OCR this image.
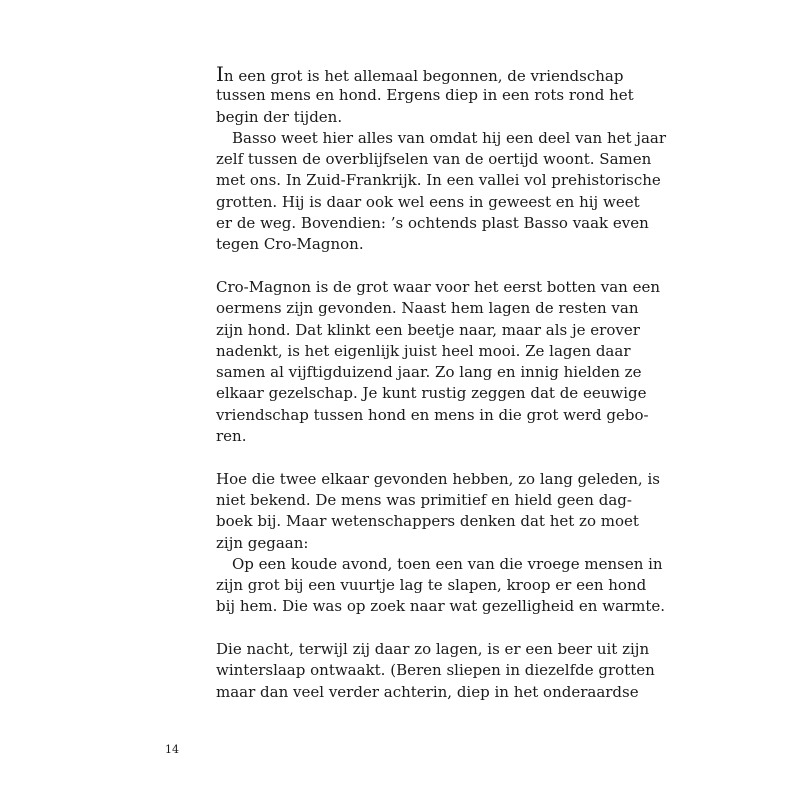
In een grot is het allemaal begonnen, de vriendschap
tussen mens en hond. Ergens diep in een rots rond het
begin der tijden.
Basso weet hier alles van omdat hij een deel van het jaar
zelf tussen de overblijfselen van de oertijd woont. Samen
met ons. In Zuid-Frankrijk. In een vallei vol prehistorische
grotten. Hij is daar ook wel eens in geweest en hij weet
er de weg. Bovendien: ’s ochtends plast Basso vaak even
tegen Cro-Magnon.
Cro-Magnon is de grot waar voor het eerst botten van een
oermens zijn gevonden. Naast hem lagen de resten van
zijn hond. Dat klinkt een beetje naar, maar als je erover
nadenkt, is het eigenlijk juist heel mooi. Ze lagen daar
samen al vijftigduizend jaar. Zo lang en innig hielden ze
elkaar gezelschap. Je kunt rustig zeggen dat de eeuwige
vriendschap tussen hond en mens in die grot werd gebo-
ren.
Hoe die twee elkaar gevonden hebben, zo lang geleden, is
niet bekend. De mens was primitief en hield geen dag-
boek bij. Maar wetenschappers denken dat het zo moet
zijn gegaan:
Op een koude avond, toen een van die vroege mensen in
zijn grot bij een vuurtje lag te slapen, kroop er een hond
bij hem. Die was op zoek naar wat gezelligheid en warmte.
Die nacht, terwijl zij daar zo lagen, is er een beer uit zijn
winterslaap ontwaakt. (Beren sliepen in diezelfde grotten
maar dan veel verder achterin, diep in het onderaardse
14
